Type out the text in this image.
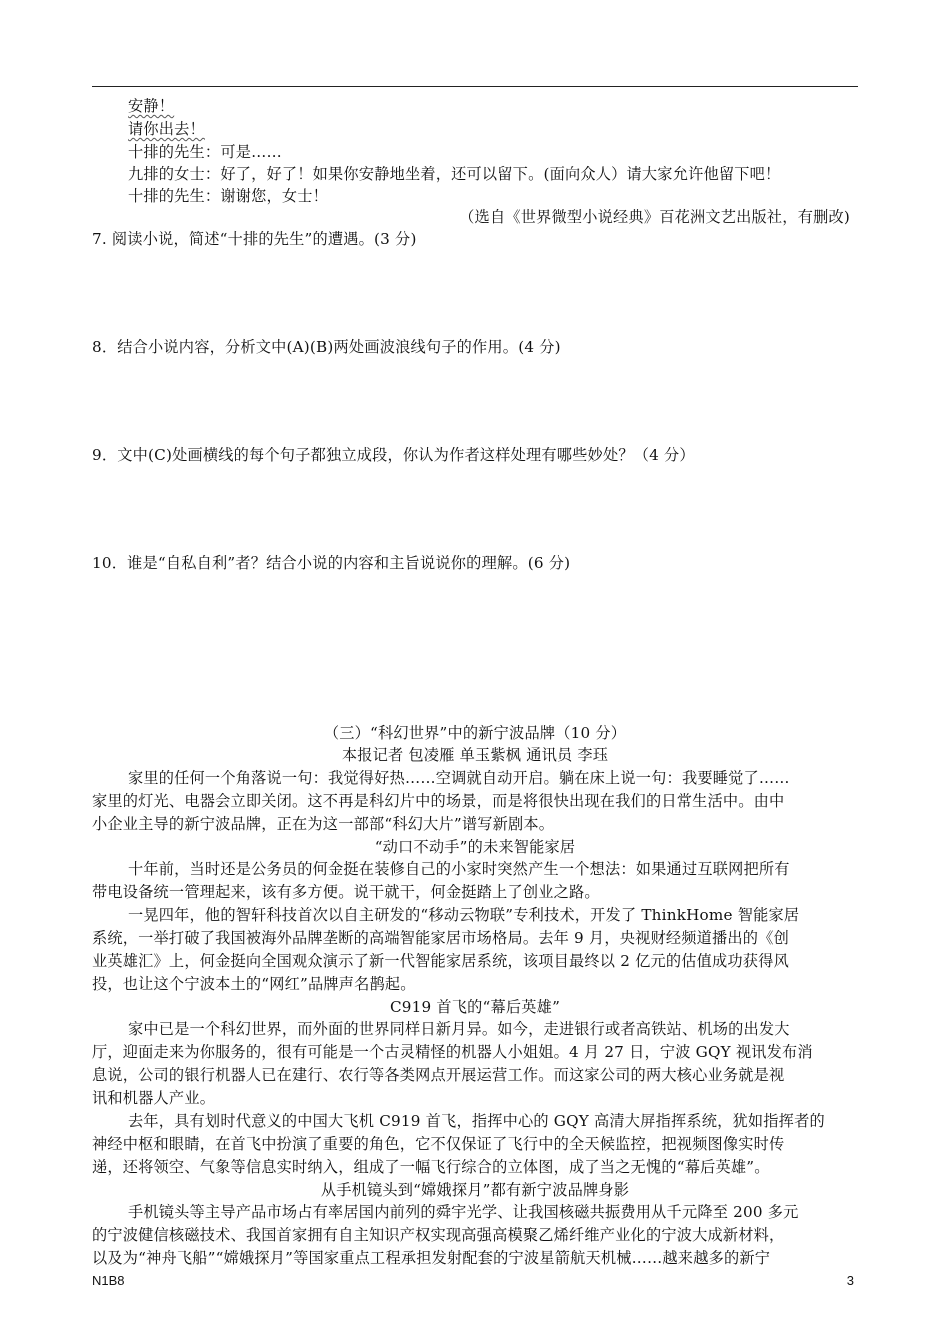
安静！
请你出去！
十排的先生：可是……
九排的女士：好了，好了！如果你安静地坐着，还可以留下。(面向众人）请大家允许他留下吧！
十排的先生：谢谢您，女士！
（选自《世界微型小说经典》百花洲文艺出版社，有删改)
7. 阅读小说，简述“十排的先生”的遭遇。(3 分)
8．结合小说内容，分析文中(A)(B)两处画波浪线句子的作用。(4 分)
9．文中(C)处画横线的每个句子都独立成段，你认为作者这样处理有哪些妙处？（4 分）
10．谁是“自私自利”者？结合小说的内容和主旨说说你的理解。(6 分)
（三）“科幻世界”中的新宁波品牌（10 分）
本报记者 包凌雁 单玉紫枫 通讯员 李珏
家里的任何一个角落说一句：我觉得好热……空调就自动开启。躺在床上说一句：我要睡觉了……
家里的灯光、电器会立即关闭。这不再是科幻片中的场景，而是将很快出现在我们的日常生活中。由中
小企业主导的新宁波品牌，正在为这一部部“科幻大片”谱写新剧本。
“动口不动手”的未来智能家居
十年前，当时还是公务员的何金挺在装修自己的小家时突然产生一个想法：如果通过互联网把所有
带电设备统一管理起来，该有多方便。说干就干，何金挺踏上了创业之路。
一晃四年，他的智轩科技首次以自主研发的“移动云物联”专利技术，开发了 ThinkHome 智能家居
系统，一举打破了我国被海外品牌垄断的高端智能家居市场格局。去年 9 月，央视财经频道播出的《创
业英雄汇》上，何金挺向全国观众演示了新一代智能家居系统，该项目最终以 2 亿元的估值成功获得风
投，也让这个宁波本土的“网红”品牌声名鹊起。
C919 首飞的“幕后英雄”
家中已是一个科幻世界，而外面的世界同样日新月异。如今，走进银行或者高铁站、机场的出发大
厅，迎面走来为你服务的，很有可能是一个古灵精怪的机器人小姐姐。4 月 27 日，宁波 GQY 视讯发布消
息说，公司的银行机器人已在建行、农行等各类网点开展运营工作。而这家公司的两大核心业务就是视
讯和机器人产业。
去年，具有划时代意义的中国大飞机 C919 首飞，指挥中心的 GQY 高清大屏指挥系统，犹如指挥者的
神经中枢和眼睛，在首飞中扮演了重要的角色，它不仅保证了飞行中的全天候监控，把视频图像实时传
递，还将领空、气象等信息实时纳入，组成了一幅飞行综合的立体图，成了当之无愧的“幕后英雄”。
从手机镜头到“嫦娥探月”都有新宁波品牌身影
手机镜头等主导产品市场占有率居国内前列的舜宇光学、让我国核磁共振费用从千元降至 200 多元
的宁波健信核磁技术、我国首家拥有自主知识产权实现高强高模聚乙烯纤维产业化的宁波大成新材料，
以及为“神舟飞船”“嫦娥探月”等国家重点工程承担发射配套的宁波星箭航天机械……越来越多的新宁
N1B8	3
